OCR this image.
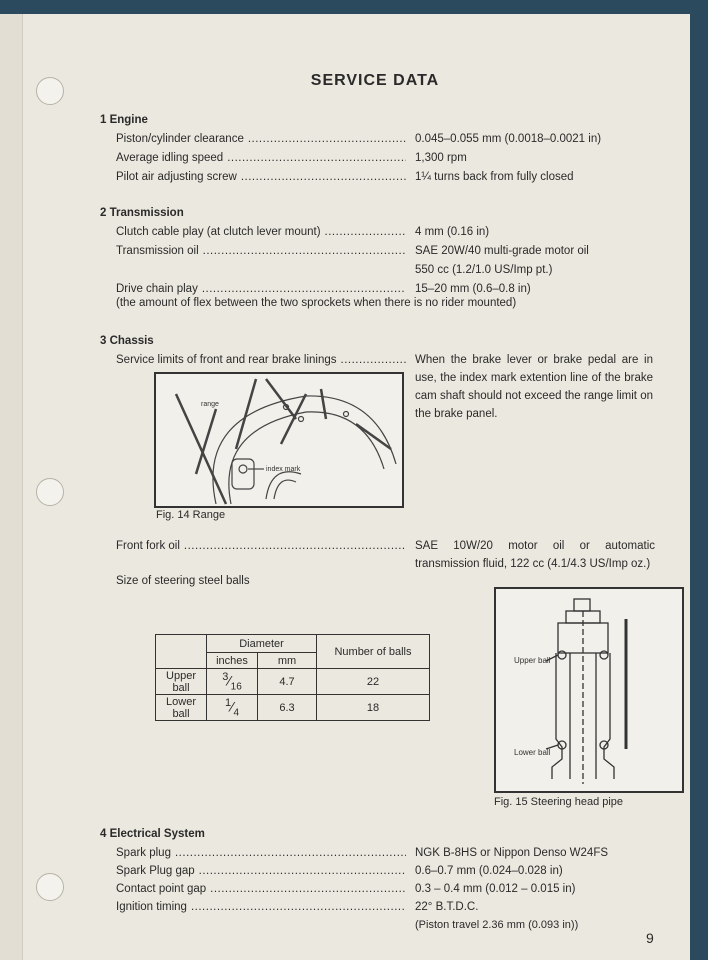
SERVICE DATA
1 Engine
Piston/cylinder clearance .....	0.045–0.055 mm (0.0018–0.0021 in)
Average idling speed .....	1,300 rpm
Pilot air adjusting screw .....	1¼ turns back from fully closed
2 Transmission
Clutch cable play (at clutch lever mount) .....	4 mm (0.16 in)
Transmission oil .....	SAE 20W/40 multi-grade motor oil
550 cc (1.2/1.0 US/Imp pt.)
Drive chain play .....	15–20 mm (0.6–0.8 in)
(the amount of flex between the two sprockets when there is no rider mounted)
3 Chassis
Service limits of front and rear brake linings .....	When the brake lever or brake pedal are in use, the index mark extention line of the brake cam shaft should not exceed the range limit on the brake panel.
range
index mark
Fig. 14 Range
Front fork oil .....	SAE 10W/20 motor oil or automatic transmission fluid, 122 cc (4.1/4.3 US/Imp oz.)
Size of steering steel balls
	Diameter		Number of balls
	inches	mm	
Upper ball	$^3⁄_{16}$	4.7	22
Lower ball	$^1⁄_4$	6.3	18
Upper ball
Lower ball
Fig. 15 Steering head pipe
4 Electrical System
Spark plug .....	NGK B-8HS or Nippon Denso W24FS
Spark Plug gap .....	0.6–0.7 mm (0.024–0.028 in)
Contact point gap .....	0.3 – 0.4 mm (0.012 – 0.015 in)
Ignition timing .....	22° B.T.D.C.
(Piston travel 2.36 mm (0.093 in))
9
